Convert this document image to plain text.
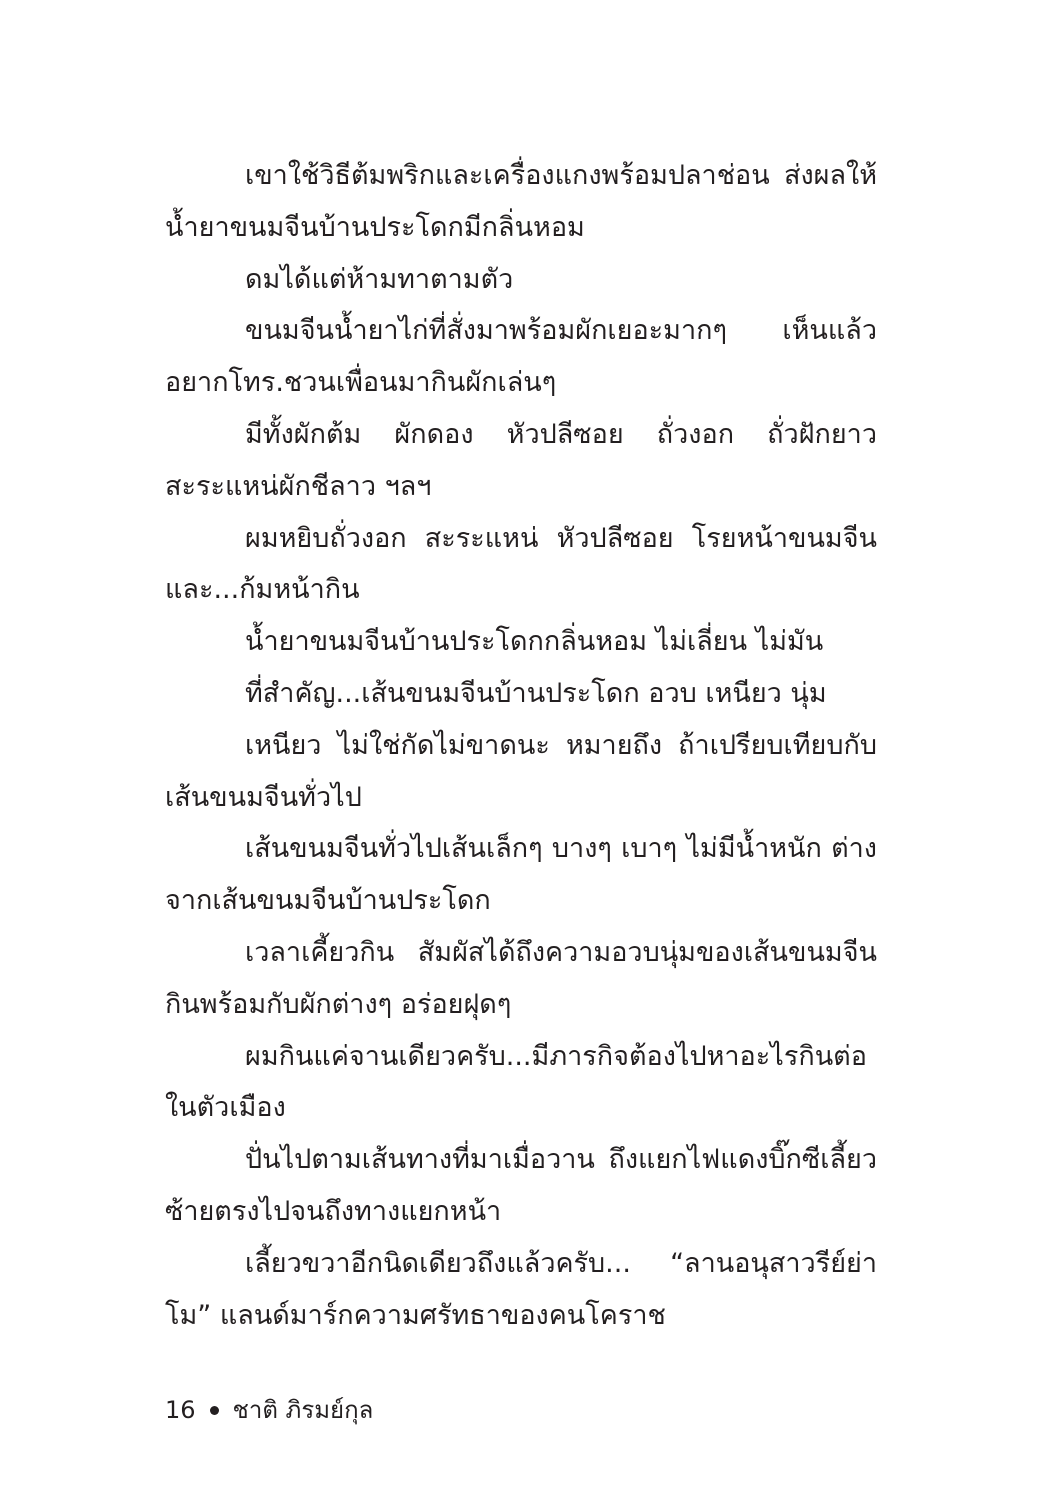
เขาใช้วิธีต้มพริกและเครื่องแกงพร้อมปลาช่อน ส่งผลให้น้ำยาขนมจีนบ้านประโดกมีกลิ่นหอม

ดมได้แต่ห้ามทาตามตัว

ขนมจีนน้ำยาไก่ที่สั่งมาพร้อมผักเยอะมากๆ เห็นแล้วอยากโทร.ชวนเพื่อนมากินผักเล่นๆ

มีทั้งผักต้ม ผักดอง หัวปลีซอย ถั่วงอก ถั่วฝักยาว สะระแหน่ผักชีลาว ฯลฯ

ผมหยิบถั่วงอก สะระแหน่ หัวปลีซอย โรยหน้าขนมจีนและ...ก้มหน้ากิน

น้ำยาขนมจีนบ้านประโดกกลิ่นหอม ไม่เลี่ยน ไม่มัน

ที่สำคัญ...เส้นขนมจีนบ้านประโดก อวบ เหนียว นุ่ม

เหนียว ไม่ใช่กัดไม่ขาดนะ หมายถึง ถ้าเปรียบเทียบกับเส้นขนมจีนทั่วไป

เส้นขนมจีนทั่วไปเส้นเล็กๆ บางๆ เบาๆ ไม่มีน้ำหนัก ต่างจากเส้นขนมจีนบ้านประโดก

เวลาเคี้ยวกิน สัมผัสได้ถึงความอวบนุ่มของเส้นขนมจีนกินพร้อมกับผักต่างๆ อร่อยฝุดๆ

ผมกินแค่จานเดียวครับ...มีภารกิจต้องไปหาอะไรกินต่อในตัวเมือง

ปั่นไปตามเส้นทางที่มาเมื่อวาน ถึงแยกไฟแดงบิ๊กซีเลี้ยวซ้ายตรงไปจนถึงทางแยกหน้า

เลี้ยวขวาอีกนิดเดียวถึงแล้วครับ... “ลานอนุสาวรีย์ย่าโม” แลนด์มาร์กความศรัทธาของคนโคราช

16 ชาติ ภิรมย์กุล
